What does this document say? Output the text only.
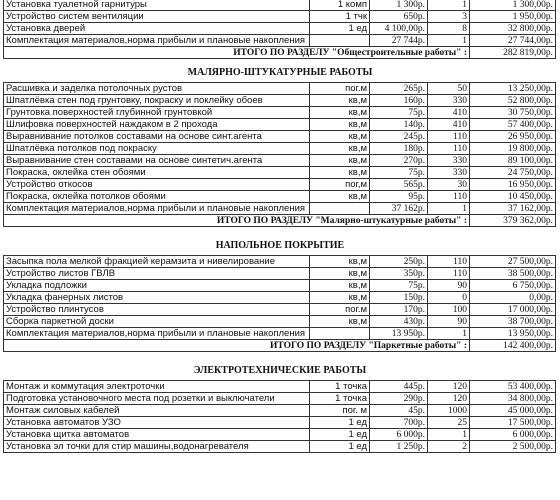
Установка туалетной гарнитуры	1 комп	1 300р.	1	1 300,00р.
Устройство систем вентиляции	1 тчк	650р.	3	1 950,00р.
Установка дверей	1 ед	4 100,00р.	8	32 800,00р.
Комплектация материалов,норма прибыли и плановые накопления		27 744р.	1	27 744,00р.
ИТОГО ПО РАЗДЕЛУ "Общестроительные работы" :				282 819,00р.
МАЛЯРНО-ШТУКАТУРНЫЕ РАБОТЫ
Расшивка и заделка потолочных рустов	пог.м	265р.	50	13 250,00р.
Шпатлёвка стен под грунтовку, покраску и поклейку обоев	кв,м	160р.	330	52 800,00р.
Грунтовка поверхностей глубинной грунтовкой	кв,м	75р.	410	30 750,00р.
Шлифовка поверхностей наждаком в 2 прохода	кв,м	140р.	410	57 400,00р.
Выравнивание потолков составами на основе синт.агента	кв,м	245р.	110	26 950,00р.
Шпатлёвка потолков под покраску	кв,м	180р.	110	19 800,00р.
Выравнивание стен составами на основе синтетич.агента	кв,м	270р.	330	89 100,00р.
Покраска, оклейка стен обоями	кв,м	75р.	330	24 750,00р.
Устройство откосов	пог,м	565р.	30	16 950,00р.
Покраска, оклейка потолков обоями	кв,м	95р.	110	10 450,00р.
Комплектация материалов,норма прибыли и плановые накопления		37 162р.	1	37 162,00р.
ИТОГО ПО РАЗДЕЛУ "Малярно-штукатурные работы" :				379 362,00р.
НАПОЛЬНОЕ ПОКРЫТИЕ
Засыпка пола мелкой фракцией керамзита и нивелирование	кв,м	250р.	110	27 500,00р.
Устройство листов ГВЛВ	кв,м	350р.	110	38 500,00р.
Укладка подложки	кв,м	75р.	90	6 750,00р.
Укладка фанерных листов	кв,м	150р.	0	0,00р.
Устройство плинтусов	пог.м	170р.	100	17 000,00р.
Сборка паркетной доски	кв,м	430р.	90	38 700,00р.
Комплектация материалов,норма прибыли и плановые накопления		13 950р.	1	13 950,00р.
ИТОГО ПО РАЗДЕЛУ "Паркетные работы" :				142 400,00р.
ЭЛЕКТРОТЕХНИЧЕСКИЕ РАБОТЫ
Монтаж и коммутация электроточки	1 точка	445р.	120	53 400,00р.
Подготовка установочного места под розетки и выключатели	1 точка	290р.	120	34 800,00р.
Монтаж силовых кабелей	пог. м	45р.	1000	45 000,00р.
Установка автоматов УЗО	1 ед	700р.	25	17 500,00р.
Установка щитка автоматов	1 ед	6 000р.	1	6 000,00р.
Установка эл точки для стир машины,водонагревателя	1 ед	1 250р.	2	2 500,00р.
